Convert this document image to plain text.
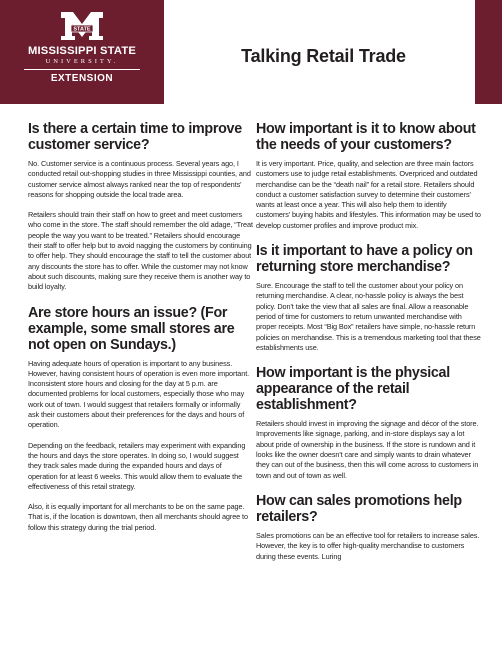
STATE
MISSISSIPPI STATE
UNIVERSITY.
EXTENSION
Talking Retail Trade
Is there a certain time to improve customer service?

No. Customer service is a continuous process. Several years ago, I conducted retail out-shopping studies in three Mississippi counties, and customer service almost always ranked near the top of respondents' reasons for shopping outside the local trade area.

Retailers should train their staff on how to greet and meet customers who come in the store. The staff should remember the old adage, “Treat people the way you want to be treated.” Retailers should encourage their staff to offer help but to avoid nagging the customers by continuing to offer help. They should encourage the staff to tell the customer about any discounts the store has to offer. While the customer may not know about such discounts, making sure they receive them is another way to build loyalty.

Are store hours an issue? (For example, some small stores are not open on Sundays.)

Having adequate hours of operation is important to any business. However, having consistent hours of operation is even more important. Inconsistent store hours and closing for the day at 5 p.m. are documented problems for local customers, especially those who may work out of town. I would suggest that retailers formally or informally ask their customers about their preferences for the days and hours of operation.

Depending on the feedback, retailers may experiment with expanding the hours and days the store operates. In doing so, I would suggest they track sales made during the expanded hours and days of operation for at least 6 weeks. This would allow them to evaluate the effectiveness of this retail strategy.

Also, it is equally important for all merchants to be on the same page. That is, if the location is downtown, then all merchants should agree to follow this strategy during the trial period.

How important is it to know about the needs of your customers?

It is very important. Price, quality, and selection are three main factors customers use to judge retail establishments. Overpriced and outdated merchandise can be the “death nail” for a retail store. Retailers should conduct a customer satisfaction survey to determine their customers' wants at least once a year. This will also help them to identify customers' buying habits and lifestyles. This information may be used to develop customer profiles and improve product mix.

Is it important to have a policy on returning store merchandise?

Sure. Encourage the staff to tell the customer about your policy on returning merchandise. A clear, no-hassle policy is always the best policy. Don't take the view that all sales are final. Allow a reasonable period of time for customers to return unwanted merchandise with proper receipts. Most “Big Box” retailers have simple, no-hassle return policies on merchandise. This is a tremendous marketing tool that these establishments use.

How important is the physical appearance of the retail establishment?

Retailers should invest in improving the signage and décor of the store. Improvements like signage, parking, and in-store displays say a lot about pride of ownership in the business. If the store is rundown and it looks like the owner doesn't care and simply wants to drain whatever they can out of the business, then this will come across to customers in town and out of town as well.

How can sales promotions help retailers?

Sales promotions can be an effective tool for retailers to increase sales. However, the key is to offer high-quality merchandise to customers during these events. Luring
